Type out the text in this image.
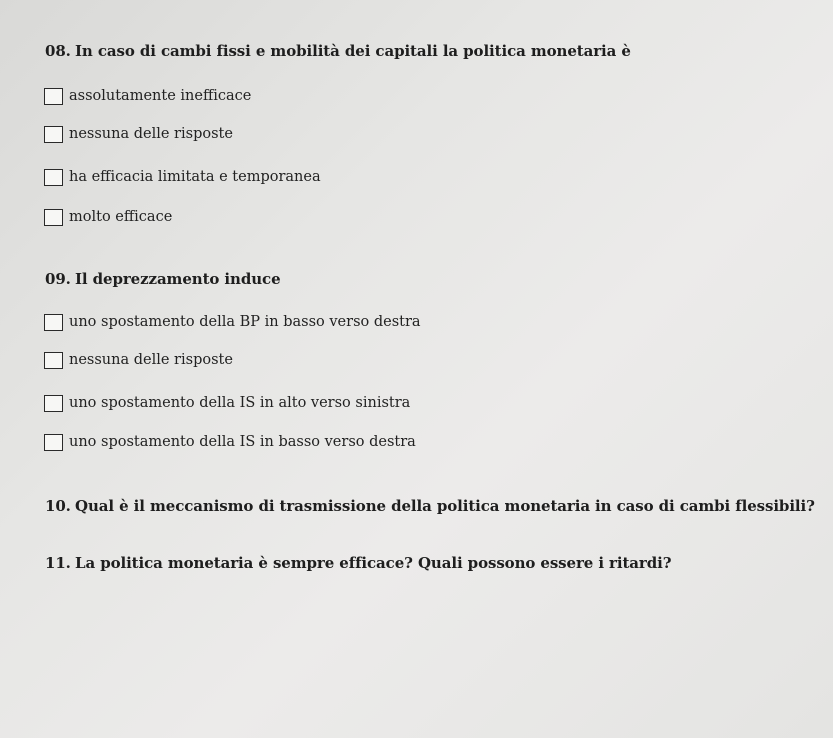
08. In caso di cambi fissi e mobilità dei capitali la politica monetaria è
assolutamente inefficace
nessuna delle risposte
ha efficacia limitata e temporanea
molto efficace
09. Il deprezzamento induce
uno spostamento della BP in basso verso destra
nessuna delle risposte
uno spostamento della IS in alto verso sinistra
uno spostamento della IS in basso verso destra
10. Qual è il meccanismo di trasmissione della politica monetaria in caso di cambi flessibili?
11. La politica monetaria è sempre efficace? Quali possono essere i ritardi?
